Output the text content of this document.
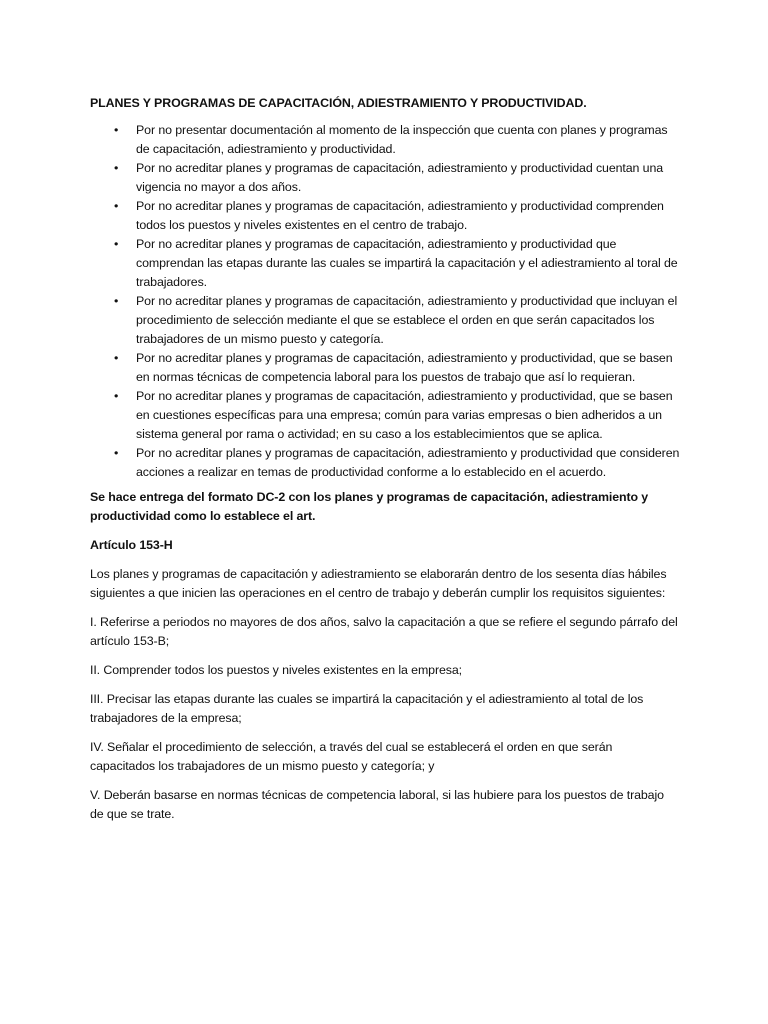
PLANES Y PROGRAMAS DE CAPACITACIÓN, ADIESTRAMIENTO Y PRODUCTIVIDAD.
• Por no presentar documentación al momento de la inspección que cuenta con planes y programas de capacitación, adiestramiento y productividad.
• Por no acreditar planes y programas de capacitación, adiestramiento y productividad cuentan una vigencia no mayor a dos años.
• Por no acreditar planes y programas de capacitación, adiestramiento y productividad comprenden todos los puestos y niveles existentes en el centro de trabajo.
• Por no acreditar planes y programas de capacitación, adiestramiento y productividad que comprendan las etapas durante las cuales se impartirá la capacitación y el adiestramiento al toral de trabajadores.
• Por no acreditar planes y programas de capacitación, adiestramiento y productividad que incluyan el procedimiento de selección mediante el que se establece el orden en que serán capacitados los trabajadores de un mismo puesto y categoría.
• Por no acreditar planes y programas de capacitación, adiestramiento y productividad, que se basen en normas técnicas de competencia laboral para los puestos de trabajo que así lo requieran.
• Por no acreditar planes y programas de capacitación, adiestramiento y productividad, que se basen en cuestiones específicas para una empresa; común para varias empresas o bien adheridos a un sistema general por rama o actividad; en su caso a los establecimientos que se aplica.
• Por no acreditar planes y programas de capacitación, adiestramiento y productividad que consideren acciones a realizar en temas de productividad conforme a lo establecido en el acuerdo.

Se hace entrega del formato DC-2 con los planes y programas de capacitación, adiestramiento y productividad como lo establece el art.

Artículo 153-H

Los planes y programas de capacitación y adiestramiento se elaborarán dentro de los sesenta días hábiles siguientes a que inicien las operaciones en el centro de trabajo y deberán cumplir los requisitos siguientes:

I. Referirse a periodos no mayores de dos años, salvo la capacitación a que se refiere el segundo párrafo del artículo 153-B;

II. Comprender todos los puestos y niveles existentes en la empresa;

III. Precisar las etapas durante las cuales se impartirá la capacitación y el adiestramiento al total de los trabajadores de la empresa;

IV. Señalar el procedimiento de selección, a través del cual se establecerá el orden en que serán capacitados los trabajadores de un mismo puesto y categoría; y

V. Deberán basarse en normas técnicas de competencia laboral, si las hubiere para los puestos de trabajo de que se trate.
